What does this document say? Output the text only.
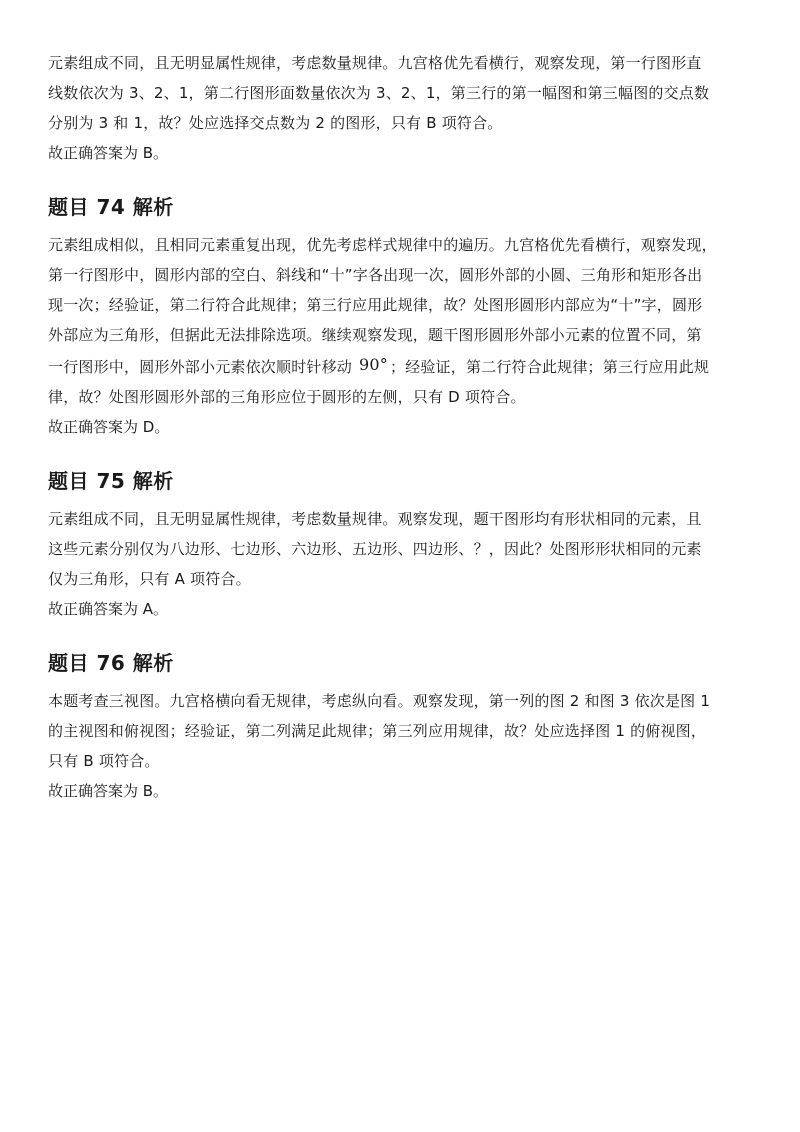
元素组成不同，且无明显属性规律，考虑数量规律。九宫格优先看横行，观察发现，第一行图形直
线数依次为 3、2、1，第二行图形面数量依次为 3、2、1，第三行的第一幅图和第三幅图的交点数
分别为 3 和 1，故？处应选择交点数为 2 的图形，只有 B 项符合。

故正确答案为 B。

题目 74 解析

元素组成相似，且相同元素重复出现，优先考虑样式规律中的遍历。九宫格优先看横行，观察发现，
第一行图形中，圆形内部的空白、斜线和“十”字各出现一次，圆形外部的小圆、三角形和矩形各出
现一次；经验证，第二行符合此规律；第三行应用此规律，故？处图形圆形内部应为“十”字，圆形
外部应为三角形，但据此无法排除选项。继续观察发现，题干图形圆形外部小元素的位置不同，第
一行图形中，圆形外部小元素依次顺时针移动 90° ；经验证，第二行符合此规律；第三行应用此规
律，故？处图形圆形外部的三角形应位于圆形的左侧，只有 D 项符合。

故正确答案为 D。

题目 75 解析

元素组成不同，且无明显属性规律，考虑数量规律。观察发现，题干图形均有形状相同的元素，且
这些元素分别仅为八边形、七边形、六边形、五边形、四边形、？，因此？处图形形状相同的元素
仅为三角形，只有 A 项符合。

故正确答案为 A。

题目 76 解析

本题考查三视图。九宫格横向看无规律，考虑纵向看。观察发现，第一列的图 2 和图 3 依次是图 1
的主视图和俯视图；经验证，第二列满足此规律；第三列应用规律，故？处应选择图 1 的俯视图，
只有 B 项符合。

故正确答案为 B。
